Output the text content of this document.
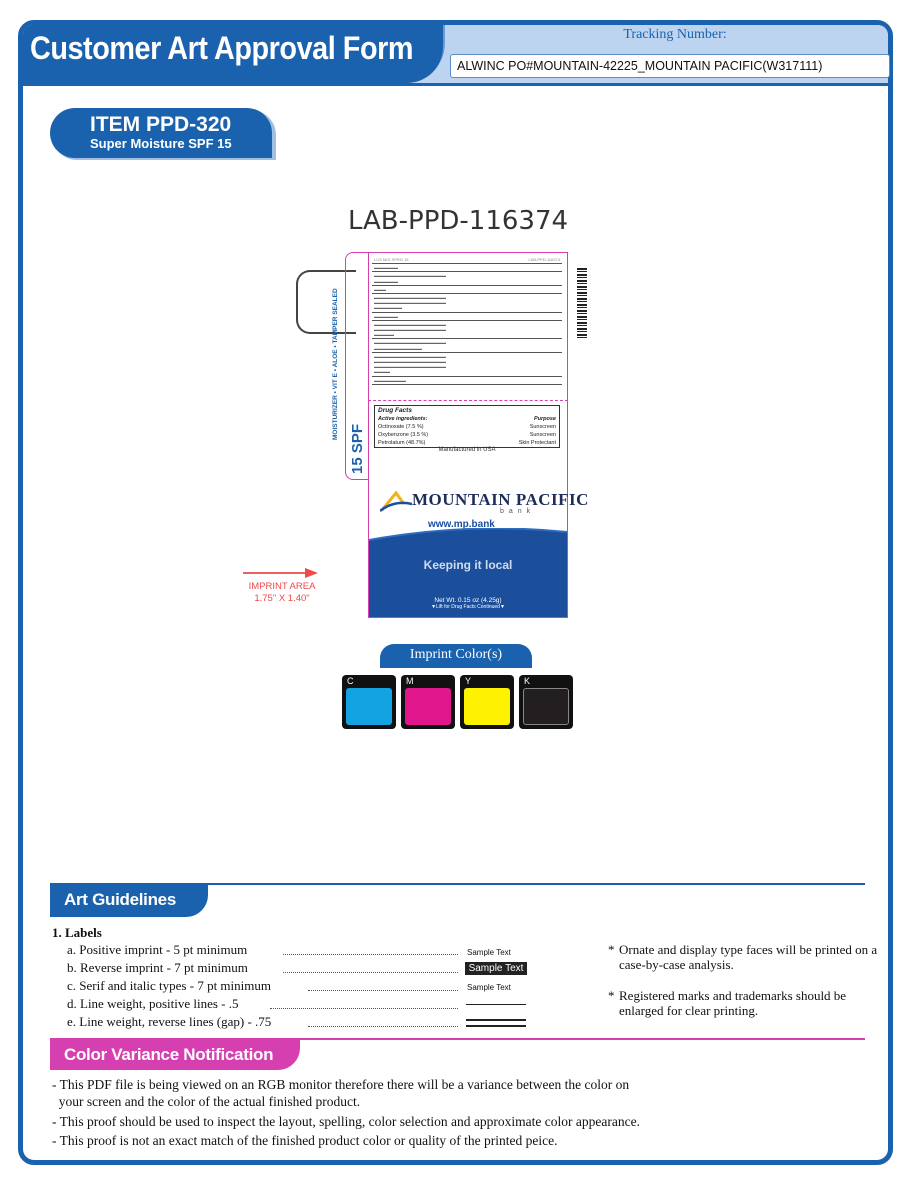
Customer Art Approval Form	Tracking Number:
ALWINC PO#MOUNTAIN-42225_MOUNTAIN PACIFIC(W317111)
ITEM PPD-320
Super Moisture SPF 15
LAB-PPD-116374
MOISTURIZER • VIT E • ALOE • TAMPER SEALED
15 SPF
LCS MOI SPRG 15	LAB-PPD-116374
▬▬▬▬▬▬
▬▬▬▬▬▬▬▬▬▬▬▬▬▬▬▬▬▬
▬▬▬▬▬▬
▬▬▬
▬▬▬▬▬▬▬▬▬▬▬▬▬▬▬▬▬▬
▬▬▬▬▬▬▬▬▬▬▬▬▬▬▬▬▬▬
▬▬▬▬▬▬▬
▬▬▬▬▬▬
▬▬▬▬▬▬▬▬▬▬▬▬▬▬▬▬▬▬
▬▬▬▬▬▬▬▬▬▬▬▬▬▬▬▬▬▬
▬▬▬▬▬
▬▬▬▬▬▬▬▬▬▬▬▬▬▬▬▬▬▬
▬▬▬▬▬▬▬▬▬▬▬▬
▬▬▬▬▬▬▬▬▬▬▬▬▬▬▬▬▬▬
▬▬▬▬▬▬▬▬▬▬▬▬▬▬▬▬▬▬
▬▬▬▬▬▬▬▬▬▬▬▬▬▬▬▬▬▬
▬▬▬▬
▬▬▬▬▬▬▬▬
Drug Facts
Active ingredients:	Purpose
Octinoxate (7.5 %)	Sunscreen
Oxybenzone (3.5 %)	Sunscreen
Petrolatum (48.7%)	Skin Protectant
Manufactured in USA
MOUNTAIN PACIFIC
bank
www.mp.bank
Keeping it local
Net Wt. 0.15 oz (4.25g)
▼Lift for Drug Facts Continued▼
IMPRINT AREA
1.75" X 1.40"
Imprint Color(s)
C	M	Y	K
Art Guidelines
1. Labels
a. Positive imprint - 5 pt minimum	Sample Text
b. Reverse imprint - 7 pt minimum	Sample Text
c. Serif and italic types - 7 pt minimum	Sample Text
d. Line weight, positive lines - .5
e. Line weight, reverse lines (gap) - .75
* Ornate and display type faces will be printed on a case-by-case analysis.
* Registered marks and trademarks should be enlarged for clear printing.
Color Variance Notification
- This PDF file is being viewed on an RGB monitor therefore there will be a variance between the color on
your screen and the color of the actual finished product.
- This proof should be used to inspect the layout, spelling, color selection and approximate color appearance.
- This proof is not an exact match of the finished product color or quality of the printed peice.
